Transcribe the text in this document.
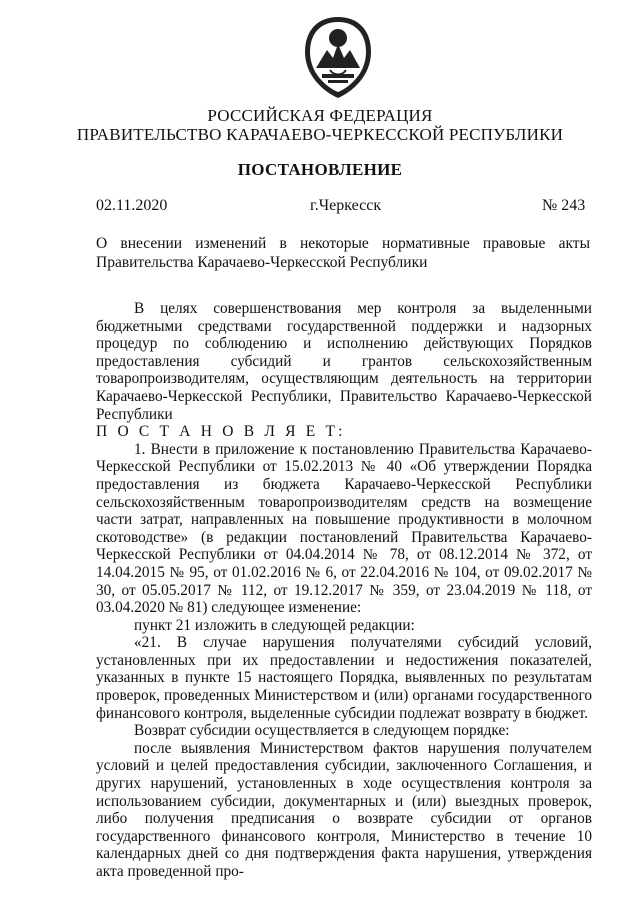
РОССИЙСКАЯ ФЕДЕРАЦИЯ
ПРАВИТЕЛЬСТВО КАРАЧАЕВО-ЧЕРКЕССКОЙ РЕСПУБЛИКИ
ПОСТАНОВЛЕНИЕ
02.11.2020	г.Черкесск	№ 243
О внесении изменений в некоторые нормативные правовые акты Правительства Карачаево-Черкесской Республики

В целях совершенствования мер контроля за выделенными бюджетными средствами государственной поддержки и надзорных процедур по соблюдению и исполнению действующих Порядков предоставления субсидий и грантов сельскохозяйственным товаропроизводителям, осуществляющим деятельность на территории Карачаево-Черкесской Республики, Правительство Карачаево-Черкесской Республики

П О С Т А Н О В Л Я Е Т:

1. Внести в приложение к постановлению Правительства Карачаево-Черкесской Республики от 15.02.2013 № 40 «Об утверждении Порядка предоставления из бюджета Карачаево-Черкесской Республики сельскохозяйственным товаропроизводителям средств на возмещение части затрат, направленных на повышение продуктивности в молочном скотоводстве» (в редакции постановлений Правительства Карачаево-Черкесской Республики от 04.04.2014 № 78, от 08.12.2014 № 372, от 14.04.2015 № 95, от 01.02.2016 № 6, от 22.04.2016 № 104, от 09.02.2017 № 30, от 05.05.2017 № 112, от 19.12.2017 № 359, от 23.04.2019 № 118, от 03.04.2020 № 81) следующее изменение:

пункт 21 изложить в следующей редакции:

«21. В случае нарушения получателями субсидий условий, установленных при их предоставлении и недостижения показателей, указанных в пункте 15 настоящего Порядка, выявленных по результатам проверок, проведенных Министерством и (или) органами государственного финансового контроля, выделенные субсидии подлежат возврату в бюджет.

Возврат субсидии осуществляется в следующем порядке:

после выявления Министерством фактов нарушения получателем условий и целей предоставления субсидии, заключенного Соглашения, и других нарушений, установленных в ходе осуществления контроля за использованием субсидии, документарных и (или) выездных проверок, либо получения предписания о возврате субсидии от органов государственного финансового контроля, Министерство в течение 10 календарных дней со дня подтверждения факта нарушения, утверждения акта проведенной про-
